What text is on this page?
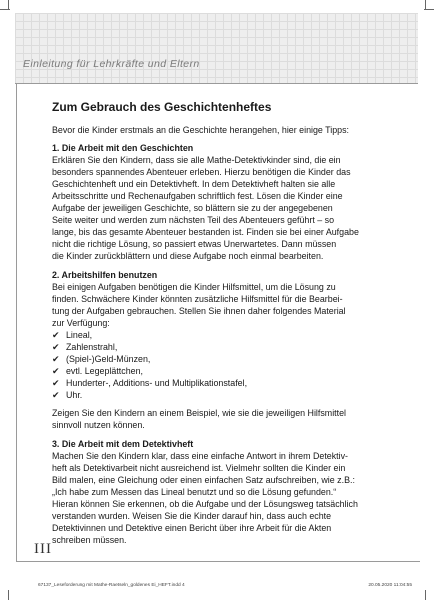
Einleitung für Lehrkräfte und Eltern
III
Zum Gebrauch des Geschichtenheftes

Bevor die Kinder erstmals an die Geschichte herangehen, hier einige Tipps:

1. Die Arbeit mit den Geschichten

Erklären Sie den Kindern, dass sie alle Mathe-Detektivkinder sind, die ein
besonders spannendes Abenteuer erleben. Hierzu benötigen die Kinder das
Geschichtenheft und ein Detektivheft. In dem Detektivheft halten sie alle
Arbeitsschritte und Rechenaufgaben schriftlich fest. Lösen die Kinder eine
Aufgabe der jeweiligen Geschichte, so blättern sie zu der angegebenen
Seite weiter und werden zum nächsten Teil des Abenteuers geführt – so
lange, bis das gesamte Abenteuer bestanden ist. Finden sie bei einer Aufgabe
nicht die richtige Lösung, so passiert etwas Unerwartetes. Dann müssen
die Kinder zurückblättern und diese Aufgabe noch einmal bearbeiten.

2. Arbeitshilfen benutzen

Bei einigen Aufgaben benötigen die Kinder Hilfsmittel, um die Lösung zu
finden. Schwächere Kinder könnten zusätzliche Hilfsmittel für die Bearbei-
tung der Aufgaben gebrauchen. Stellen Sie ihnen daher folgendes Material
zur Verfügung:

✔ Lineal,
✔ Zahlenstrahl,
✔ (Spiel-)Geld-Münzen,
✔ evtl. Legeplättchen,
✔ Hunderter-, Additions- und Multiplikationstafel,
✔ Uhr.

Zeigen Sie den Kindern an einem Beispiel, wie sie die jeweiligen Hilfsmittel
sinnvoll nutzen können.

3. Die Arbeit mit dem Detektivheft

Machen Sie den Kindern klar, dass eine einfache Antwort in ihrem Detektiv-
heft als Detektivarbeit nicht ausreichend ist. Vielmehr sollten die Kinder ein
Bild malen, eine Gleichung oder einen einfachen Satz aufschreiben, wie z.B.:
„Ich habe zum Messen das Lineal benutzt und so die Lösung gefunden.“
Hieran können Sie erkennen, ob die Aufgabe und der Lösungsweg tatsächlich
verstanden wurden. Weisen Sie die Kinder darauf hin, dass auch echte
Detektivinnen und Detektive einen Bericht über ihre Arbeit für die Akten
schreiben müssen.

67137_Leseforderung mit Mathe-Raetseln_goldenes Ei_HEFT.indd 4	20.05.2020 11:04:55
